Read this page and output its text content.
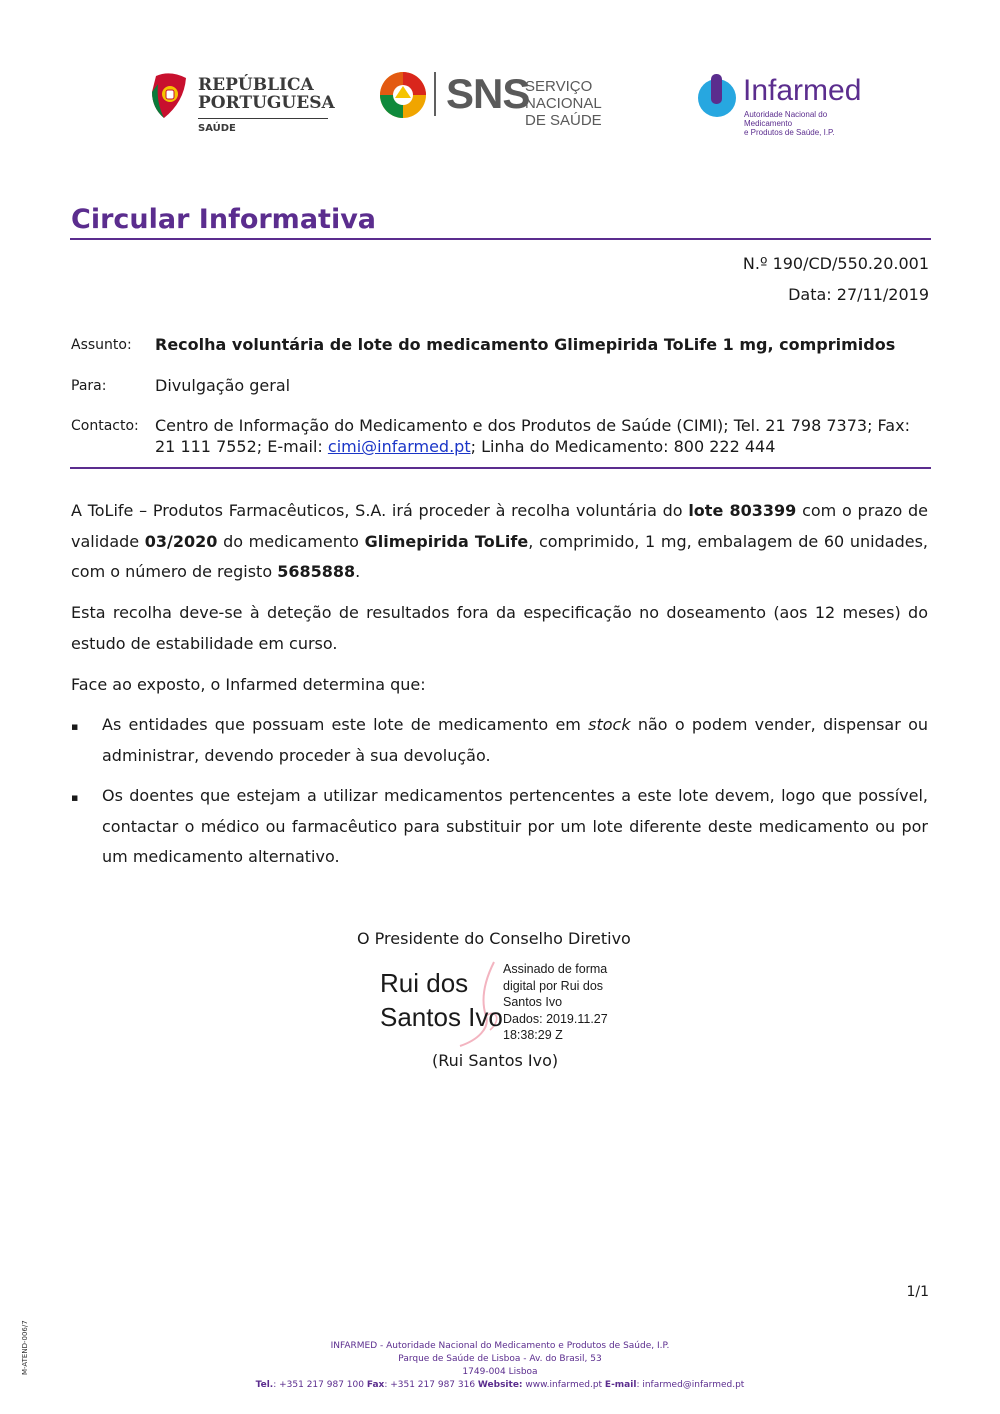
REPÚBLICA
PORTUGUESA
SAÚDE
SNS
SERVIÇO NACIONAL
DE SAÚDE
Infarmed
Autoridade Nacional do Medicamento
e Produtos de Saúde, I.P.
Circular Informativa
N.º 190/CD/550.20.001
Data: 27/11/2019
Assunto: Recolha voluntária de lote do medicamento Glimepirida ToLife 1 mg, comprimidos
Para:	Divulgação geral
Contacto: Centro de Informação do Medicamento e dos Produtos de Saúde (CIMI); Tel. 21 798 7373; Fax: 21 111 7552; E-mail: cimi@infarmed.pt; Linha do Medicamento: 800 222 444
A ToLife – Produtos Farmacêuticos, S.A. irá proceder à recolha voluntária do lote 803399 com o prazo de validade 03/2020 do medicamento Glimepirida ToLife, comprimido, 1 mg, embalagem de 60 unidades, com o número de registo 5685888.
Esta recolha deve-se à deteção de resultados fora da especificação no doseamento (aos 12 meses) do estudo de estabilidade em curso.
Face ao exposto, o Infarmed determina que:
▪ As entidades que possuam este lote de medicamento em stock não o podem vender, dispensar ou administrar, devendo proceder à sua devolução.
▪ Os doentes que estejam a utilizar medicamentos pertencentes a este lote devem, logo que possível, contactar o médico ou farmacêutico para substituir por um lote diferente deste medicamento ou por um medicamento alternativo.
O Presidente do Conselho Diretivo
Rui dos
Santos Ivo
Assinado de forma
digital por Rui dos
Santos Ivo
Dados: 2019.11.27
18:38:29 Z
(Rui Santos Ivo)
1/1
M-ATEND-006/7	INFARMED - Autoridade Nacional do Medicamento e Produtos de Saúde, I.P.
Parque de Saúde de Lisboa - Av. do Brasil, 53
1749-004 Lisboa
Tel.: +351 217 987 100 Fax: +351 217 987 316 Website: www.infarmed.pt E-mail: infarmed@infarmed.pt
